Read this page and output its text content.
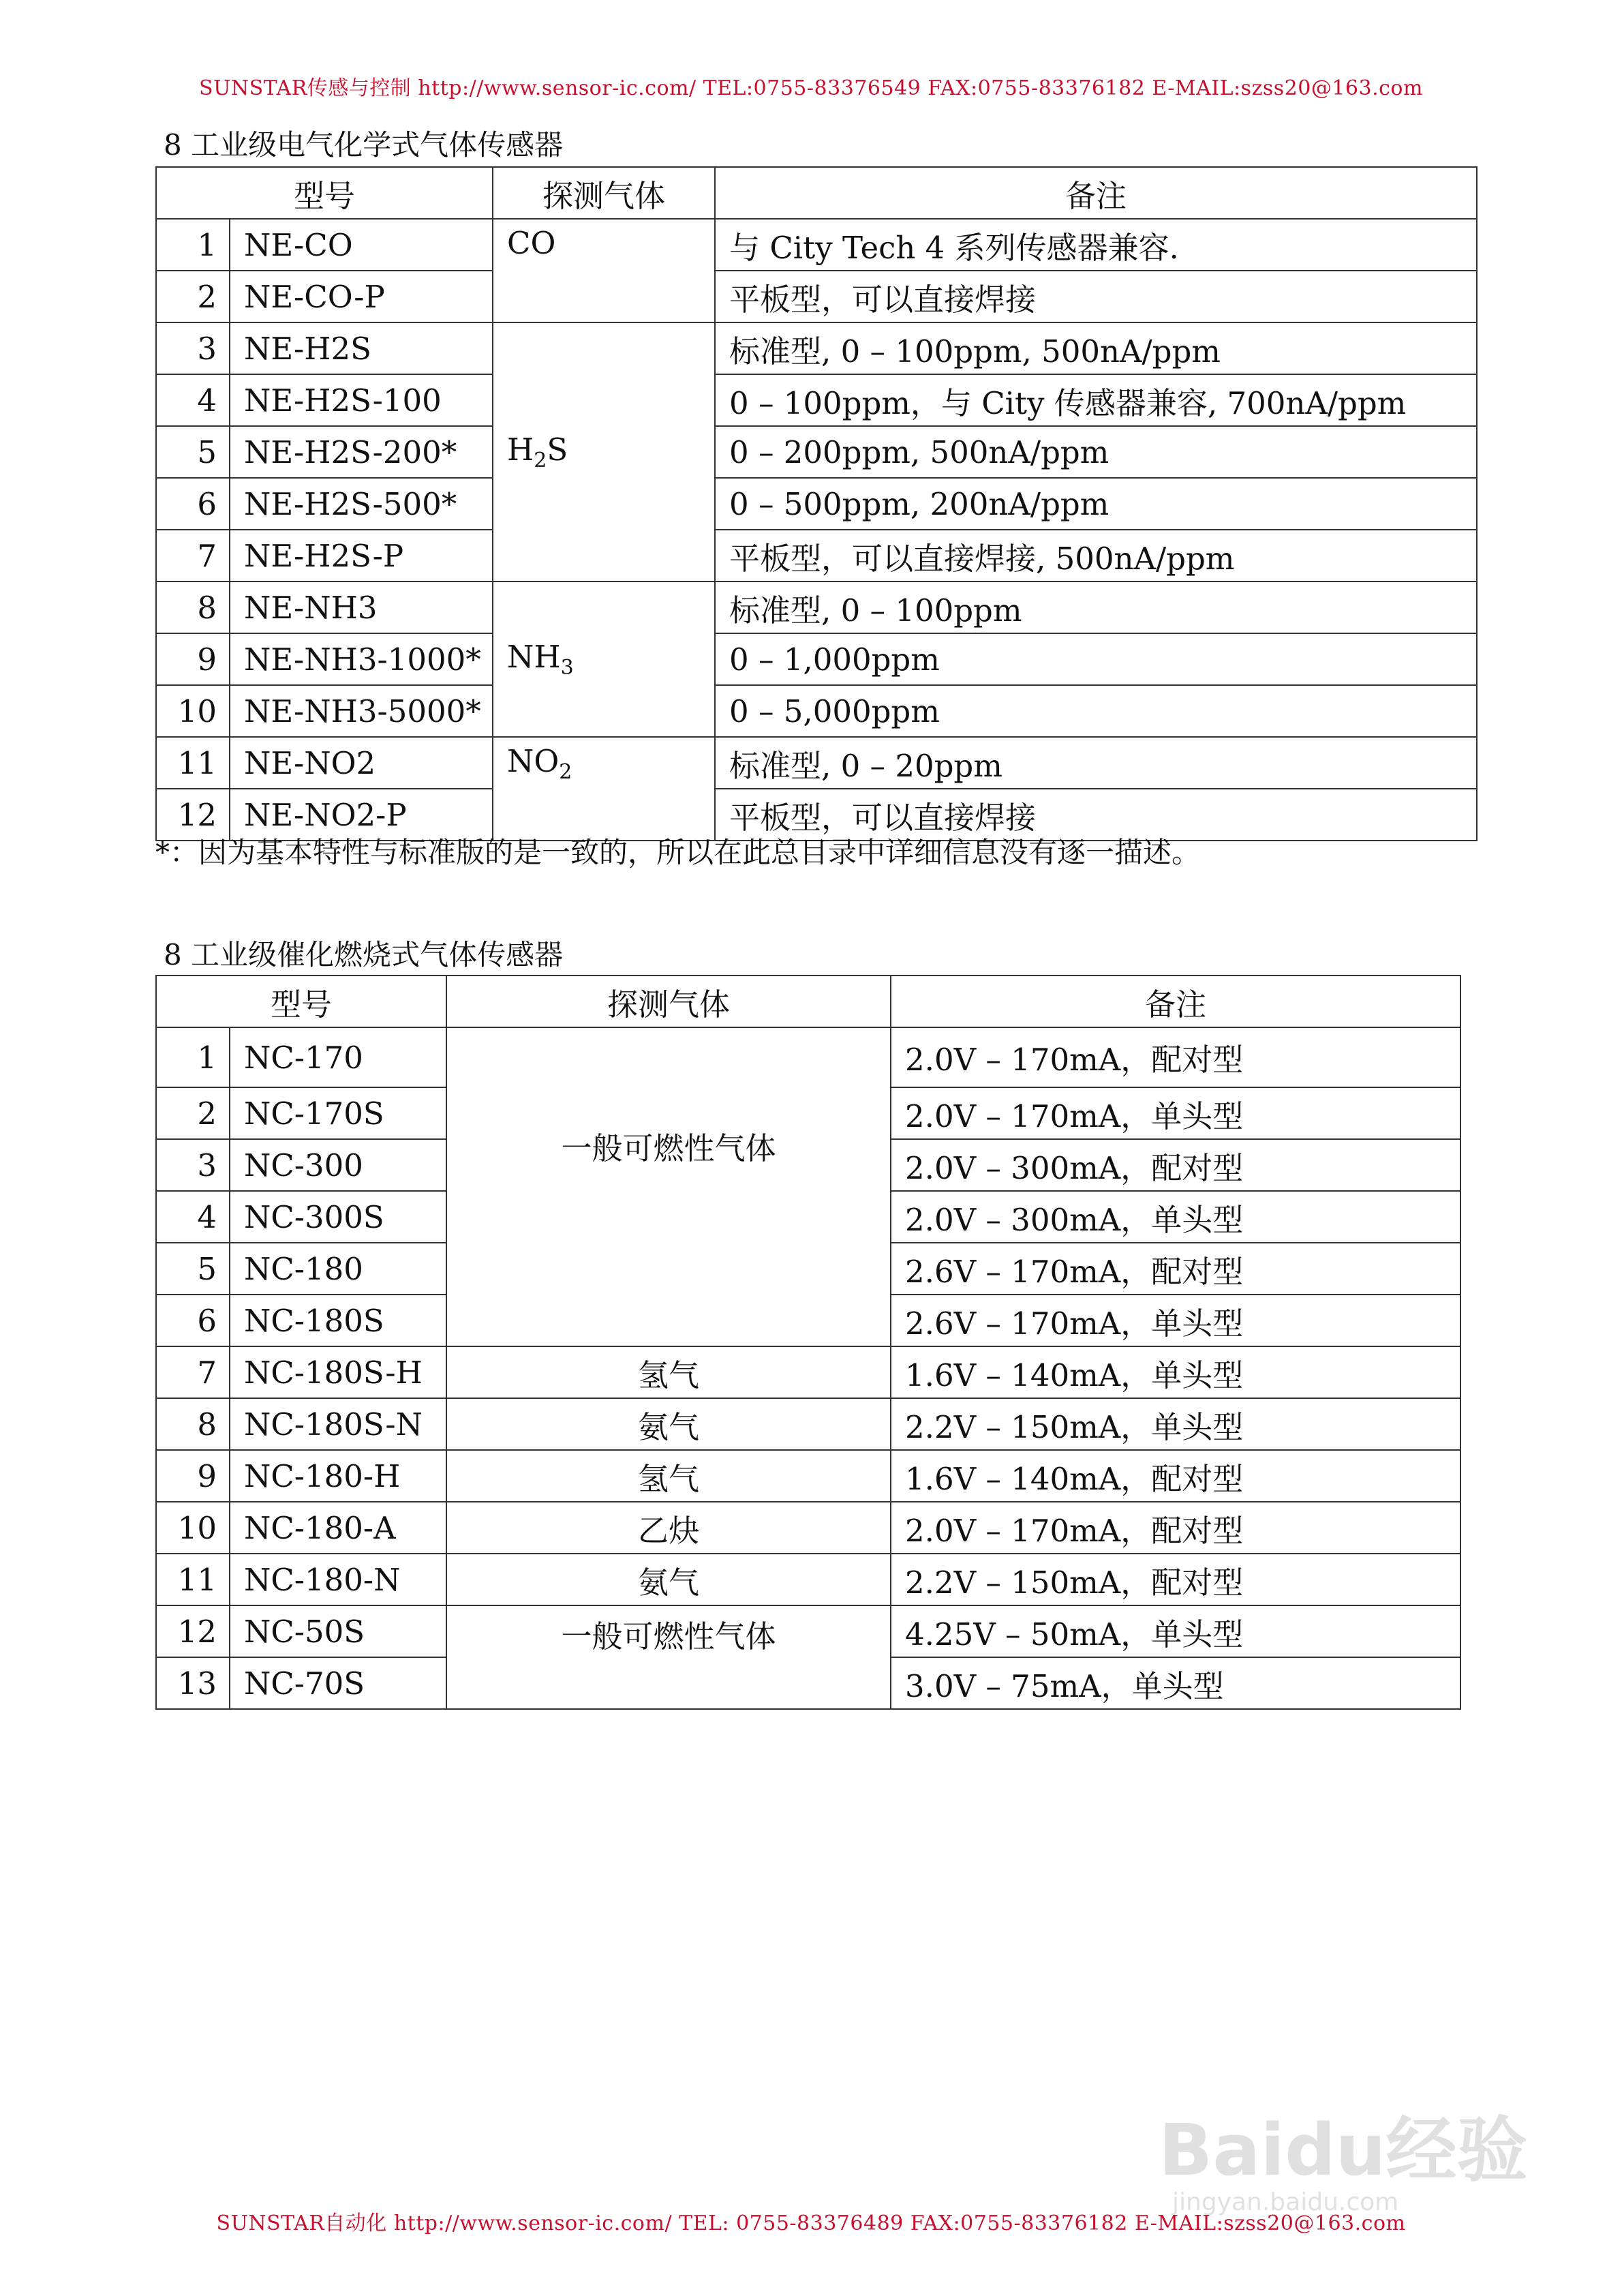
SUNSTAR传感与控制 http://www.sensor-ic.com/ TEL:0755-83376549 FAX:0755-83376182 E-MAIL:szss20@163.com
8 工业级电气化学式气体传感器
型号		探测气体	备注
1	NE-CO	CO	与 City Tech 4 系列传感器兼容.
2	NE-CO-P		平板型，可以直接焊接
3	NE-H2S	$H_2S$	标准型, 0 – 100ppm, 500nA/ppm
4	NE-H2S-100		0 – 100ppm，与 City 传感器兼容, 700nA/ppm
5	NE-H2S-200*		0 – 200ppm, 500nA/ppm
6	NE-H2S-500*		0 – 500ppm, 200nA/ppm
7	NE-H2S-P		平板型，可以直接焊接, 500nA/ppm
8	NE-NH3	$NH_3$	标准型, 0 – 100ppm
9	NE-NH3-1000*		0 – 1,000ppm
10	NE-NH3-5000*		0 – 5,000ppm
11	NE-NO2	$NO_2$	标准型, 0 – 20ppm
12	NE-NO2-P		平板型，可以直接焊接
*：因为基本特性与标准版的是一致的，所以在此总目录中详细信息没有逐一描述。
8 工业级催化燃烧式气体传感器
型号		探测气体	备注
1	NC-170	一般可燃性气体	2.0V – 170mA，配对型
2	NC-170S		2.0V – 170mA，单头型
3	NC-300		2.0V – 300mA，配对型
4	NC-300S		2.0V – 300mA，单头型
5	NC-180		2.6V – 170mA，配对型
6	NC-180S		2.6V – 170mA，单头型
7	NC-180S-H	氢气	1.6V – 140mA，单头型
8	NC-180S-N	氨气	2.2V – 150mA，单头型
9	NC-180-H	氢气	1.6V – 140mA，配对型
10	NC-180-A	乙炔	2.0V – 170mA，配对型
11	NC-180-N	氨气	2.2V – 150mA，配对型
12	NC-50S	一般可燃性气体	4.25V – 50mA，单头型
13	NC-70S		3.0V – 75mA，单头型
Baidu经验
jingyan.baidu.com
SUNSTAR自动化 http://www.sensor-ic.com/ TEL: 0755-83376489 FAX:0755-83376182 E-MAIL:szss20@163.com
